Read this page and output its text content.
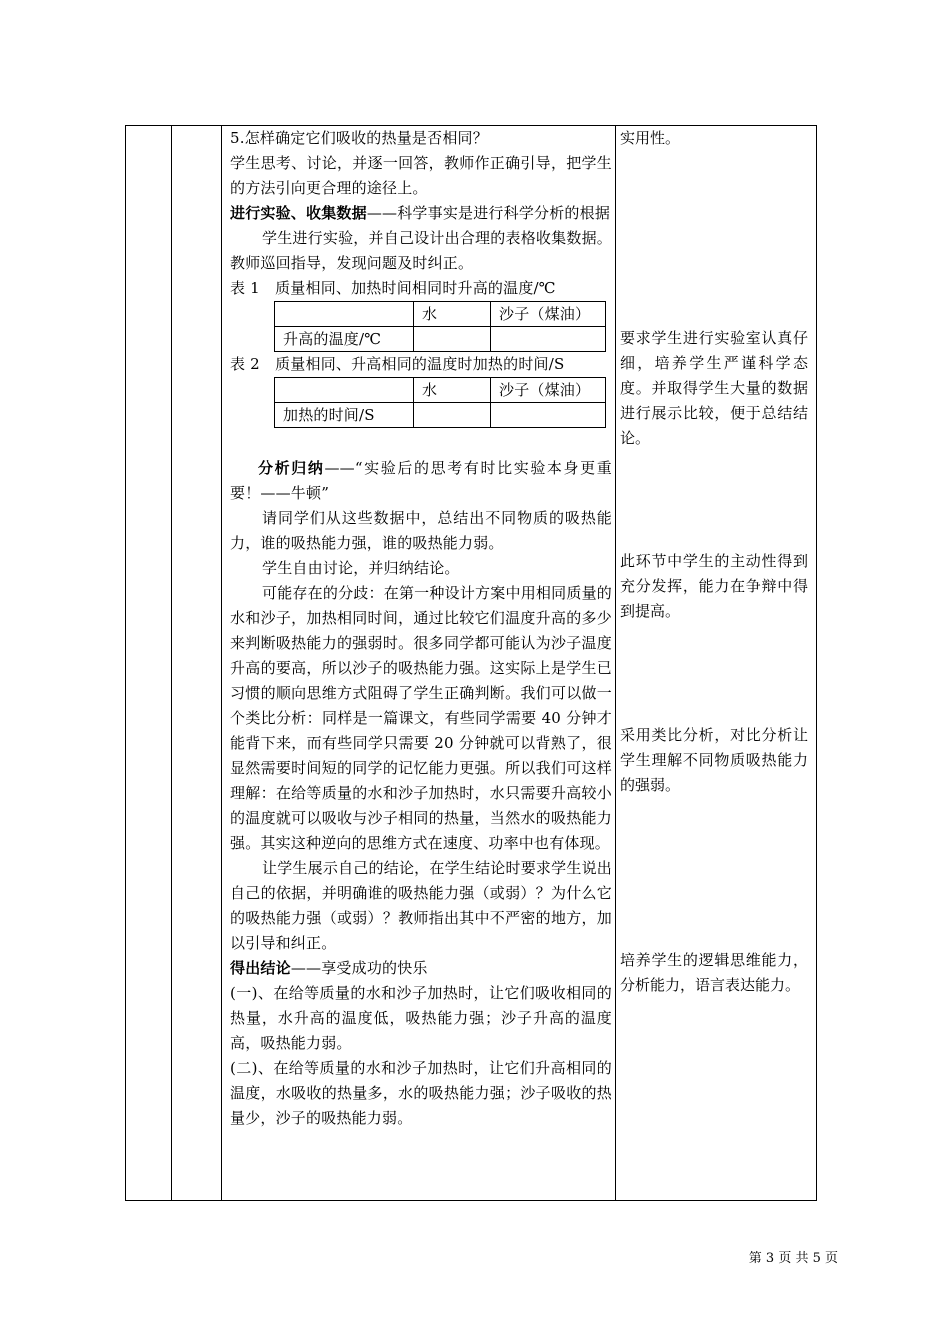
5.怎样确定它们吸收的热量是否相同？

学生思考、讨论，并逐一回答，教师作正确引导，把学生的方法引向更合理的途径上。

进行实验、收集数据——科学事实是进行科学分析的根据

学生进行实验，并自己设计出合理的表格收集数据。教师巡回指导，发现问题及时纠正。

表 1　质量相同、加热时间相同时升高的温度/℃

	水	沙子（煤油）
升高的温度/℃		

表 2　质量相同、升高相同的温度时加热的时间/S

	水	沙子（煤油）
加热的时间/S		

分析归纳——“实验后的思考有时比实验本身更重要！——牛顿”

请同学们从这些数据中，总结出不同物质的吸热能力，谁的吸热能力强，谁的吸热能力弱。

学生自由讨论，并归纳结论。

可能存在的分歧：在第一种设计方案中用相同质量的水和沙子，加热相同时间，通过比较它们温度升高的多少来判断吸热能力的强弱时。很多同学都可能认为沙子温度升高的要高，所以沙子的吸热能力强。这实际上是学生已习惯的顺向思维方式阻碍了学生正确判断。我们可以做一个类比分析：同样是一篇课文，有些同学需要 40 分钟才能背下来，而有些同学只需要 20 分钟就可以背熟了，很显然需要时间短的同学的记忆能力更强。所以我们可这样理解：在给等质量的水和沙子加热时，水只需要升高较小的温度就可以吸收与沙子相同的热量，当然水的吸热能力强。其实这种逆向的思维方式在速度、功率中也有体现。

让学生展示自己的结论，在学生结论时要求学生说出自己的依据，并明确谁的吸热能力强（或弱）？为什么它的吸热能力强（或弱）？教师指出其中不严密的地方，加以引导和纠正。

得出结论——享受成功的快乐

(一)、在给等质量的水和沙子加热时，让它们吸收相同的热量，水升高的温度低，吸热能力强；沙子升高的温度高，吸热能力弱。

(二)、在给等质量的水和沙子加热时，让它们升高相同的温度，水吸收的热量多，水的吸热能力强；沙子吸收的热量少，沙子的吸热能力弱。

实用性。

要求学生进行实验室认真仔细，培养学生严谨科学态度。并取得学生大量的数据进行展示比较，便于总结结论。

此环节中学生的主动性得到充分发挥，能力在争辩中得到提高。

采用类比分析，对比分析让学生理解不同物质吸热能力的强弱。

培养学生的逻辑思维能力，分析能力，语言表达能力。

第 3 页 共 5 页
